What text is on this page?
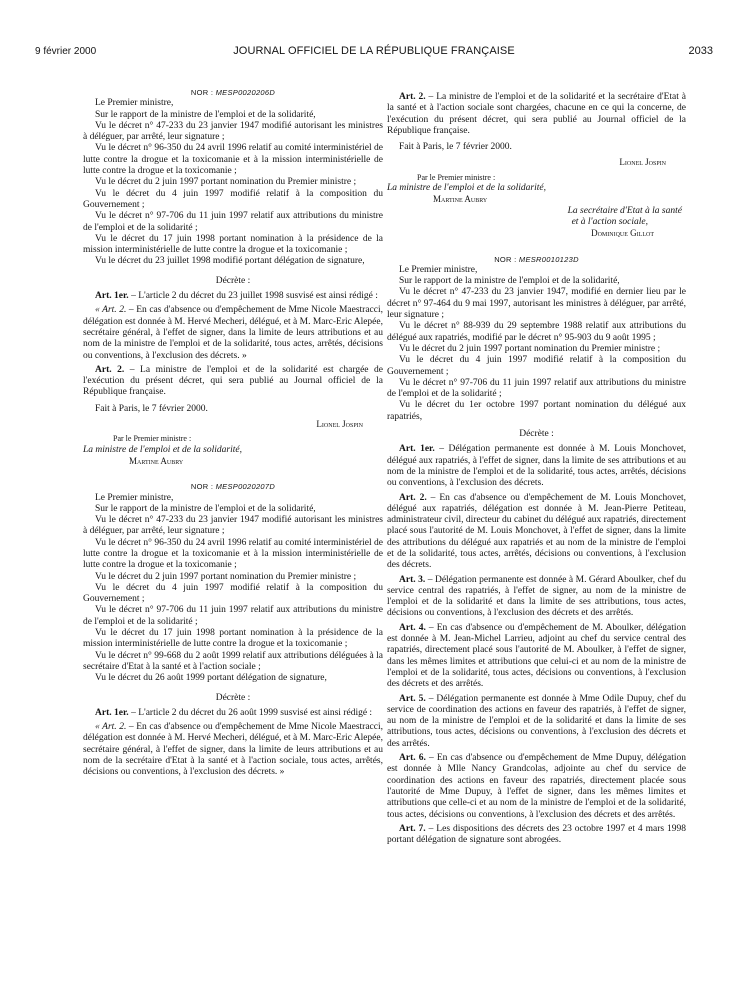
9 février 2000	JOURNAL OFFICIEL DE LA RÉPUBLIQUE FRANÇAISE	2033

NOR : MESP0020206D

Le Premier ministre,

Sur le rapport de la ministre de l'emploi et de la solidarité,

Vu le décret n° 47-233 du 23 janvier 1947 modifié autorisant les ministres à déléguer, par arrêté, leur signature ;

Vu le décret n° 96-350 du 24 avril 1996 relatif au comité interministériel de lutte contre la drogue et la toxicomanie et à la mission interministérielle de lutte contre la drogue et la toxicomanie ;

Vu le décret du 2 juin 1997 portant nomination du Premier ministre ;

Vu le décret du 4 juin 1997 modifié relatif à la composition du Gouvernement ;

Vu le décret n° 97-706 du 11 juin 1997 relatif aux attributions du ministre de l'emploi et de la solidarité ;

Vu le décret du 17 juin 1998 portant nomination à la présidence de la mission interministérielle de lutte contre la drogue et la toxicomanie ;

Vu le décret du 23 juillet 1998 modifié portant délégation de signature,

Décrète :

Art. 1er. – L'article 2 du décret du 23 juillet 1998 susvisé est ainsi rédigé :

« Art. 2. – En cas d'absence ou d'empêchement de Mme Nicole Maestracci, délégation est donnée à M. Hervé Mecheri, délégué, et à M. Marc-Eric Alepée, secrétaire général, à l'effet de signer, dans la limite de leurs attributions et au nom de la ministre de l'emploi et de la solidarité, tous actes, arrêtés, décisions ou conventions, à l'exclusion des décrets. »

Art. 2. – La ministre de l'emploi et de la solidarité est chargée de l'exécution du présent décret, qui sera publié au Journal officiel de la République française.

Fait à Paris, le 7 février 2000.

Lionel Jospin

Par le Premier ministre :

La ministre de l'emploi et de la solidarité,

Martine Aubry

NOR : MESP0020207D

Le Premier ministre,

Sur le rapport de la ministre de l'emploi et de la solidarité,

Vu le décret n° 47-233 du 23 janvier 1947 modifié autorisant les ministres à déléguer, par arrêté, leur signature ;

Vu le décret n° 96-350 du 24 avril 1996 relatif au comité interministériel de lutte contre la drogue et la toxicomanie et à la mission interministérielle de lutte contre la drogue et la toxicomanie ;

Vu le décret du 2 juin 1997 portant nomination du Premier ministre ;

Vu le décret du 4 juin 1997 modifié relatif à la composition du Gouvernement ;

Vu le décret n° 97-706 du 11 juin 1997 relatif aux attributions du ministre de l'emploi et de la solidarité ;

Vu le décret du 17 juin 1998 portant nomination à la présidence de la mission interministérielle de lutte contre la drogue et la toxicomanie ;

Vu le décret n° 99-668 du 2 août 1999 relatif aux attributions déléguées à la secrétaire d'Etat à la santé et à l'action sociale ;

Vu le décret du 26 août 1999 portant délégation de signature,

Décrète :

Art. 1er. – L'article 2 du décret du 26 août 1999 susvisé est ainsi rédigé :

« Art. 2. – En cas d'absence ou d'empêchement de Mme Nicole Maestracci, délégation est donnée à M. Hervé Mecheri, délégué, et à M. Marc-Eric Alepée, secrétaire général, à l'effet de signer, dans la limite de leurs attributions et au nom de la secrétaire d'Etat à la santé et à l'action sociale, tous actes, arrêtés, décisions ou conventions, à l'exclusion des décrets. »

Art. 2. – La ministre de l'emploi et de la solidarité et la secrétaire d'Etat à la santé et à l'action sociale sont chargées, chacune en ce qui la concerne, de l'exécution du présent décret, qui sera publié au Journal officiel de la République française.

Fait à Paris, le 7 février 2000.

Lionel Jospin

Par le Premier ministre :

La ministre de l'emploi et de la solidarité,

Martine Aubry

La secrétaire d'Etat à la santé

et à l'action sociale,

Dominique Gillot

NOR : MESR0010123D

Le Premier ministre,

Sur le rapport de la ministre de l'emploi et de la solidarité,

Vu le décret n° 47-233 du 23 janvier 1947, modifié en dernier lieu par le décret n° 97-464 du 9 mai 1997, autorisant les ministres à déléguer, par arrêté, leur signature ;

Vu le décret n° 88-939 du 29 septembre 1988 relatif aux attributions du délégué aux rapatriés, modifié par le décret n° 95-903 du 9 août 1995 ;

Vu le décret du 2 juin 1997 portant nomination du Premier ministre ;

Vu le décret du 4 juin 1997 modifié relatif à la composition du Gouvernement ;

Vu le décret n° 97-706 du 11 juin 1997 relatif aux attributions du ministre de l'emploi et de la solidarité ;

Vu le décret du 1er octobre 1997 portant nomination du délégué aux rapatriés,

Décrète :

Art. 1er. – Délégation permanente est donnée à M. Louis Monchovet, délégué aux rapatriés, à l'effet de signer, dans la limite de ses attributions et au nom de la ministre de l'emploi et de la solidarité, tous actes, arrêtés, décisions ou conventions, à l'exclusion des décrets.

Art. 2. – En cas d'absence ou d'empêchement de M. Louis Monchovet, délégué aux rapatriés, délégation est donnée à M. Jean-Pierre Petiteau, administrateur civil, directeur du cabinet du délégué aux rapatriés, directement placé sous l'autorité de M. Louis Monchovet, à l'effet de signer, dans la limite des attributions du délégué aux rapatriés et au nom de la ministre de l'emploi et de la solidarité, tous actes, arrêtés, décisions ou conventions, à l'exclusion des décrets.

Art. 3. – Délégation permanente est donnée à M. Gérard Aboulker, chef du service central des rapatriés, à l'effet de signer, au nom de la ministre de l'emploi et de la solidarité et dans la limite de ses attributions, tous actes, décisions ou conventions, à l'exclusion des décrets et des arrêtés.

Art. 4. – En cas d'absence ou d'empêchement de M. Aboulker, délégation est donnée à M. Jean-Michel Larrieu, adjoint au chef du service central des rapatriés, directement placé sous l'autorité de M. Aboulker, à l'effet de signer, dans les mêmes limites et attributions que celui-ci et au nom de la ministre de l'emploi et de la solidarité, tous actes, décisions ou conventions, à l'exclusion des décrets et des arrêtés.

Art. 5. – Délégation permanente est donnée à Mme Odile Dupuy, chef du service de coordination des actions en faveur des rapatriés, à l'effet de signer, au nom de la ministre de l'emploi et de la solidarité et dans la limite de ses attributions, tous actes, décisions ou conventions, à l'exclusion des décrets et des arrêtés.

Art. 6. – En cas d'absence ou d'empêchement de Mme Dupuy, délégation est donnée à Mlle Nancy Grandcolas, adjointe au chef du service de coordination des actions en faveur des rapatriés, directement placée sous l'autorité de Mme Dupuy, à l'effet de signer, dans les mêmes limites et attributions que celle-ci et au nom de la ministre de l'emploi et de la solidarité, tous actes, décisions ou conventions, à l'exclusion des décrets et des arrêtés.

Art. 7. – Les dispositions des décrets des 23 octobre 1997 et 4 mars 1998 portant délégation de signature sont abrogées.
